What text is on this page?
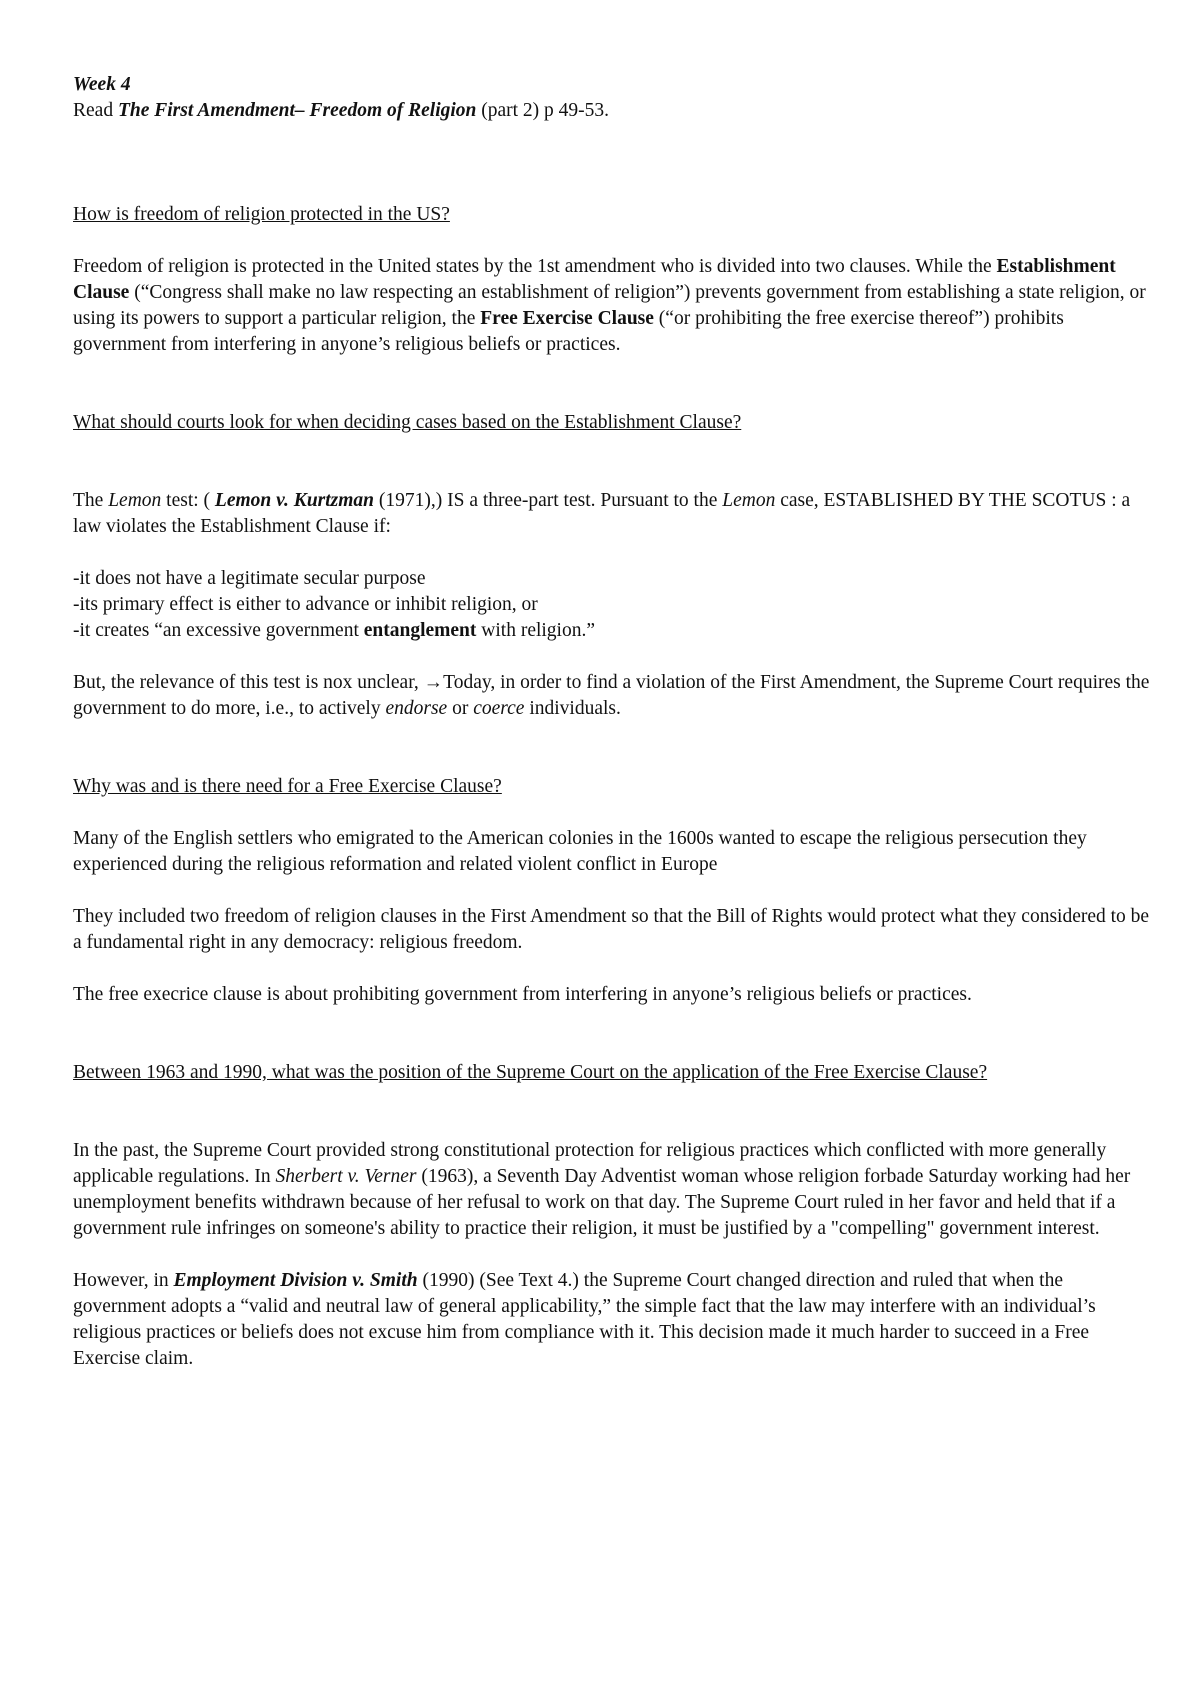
Week 4

Read The First Amendment– Freedom of Religion (part 2) p 49-53.

How is freedom of religion protected in the US?

Freedom of religion is protected in the United states by the 1st amendment who is divided into two clauses. While the Establishment Clause (“Congress shall make no law respecting an establishment of religion”) prevents government from establishing a state religion, or using its powers to support a particular religion, the Free Exercise Clause (“or prohibiting the free exercise thereof”) prohibits government from interfering in anyone’s religious beliefs or practices.

What should courts look for when deciding cases based on the Establishment Clause?

The Lemon test: ( Lemon v. Kurtzman (1971),) IS a three-part test. Pursuant to the Lemon case, ESTABLISHED BY THE SCOTUS : a law violates the Establishment Clause if:

-it does not have a legitimate secular purpose

-its primary effect is either to advance or inhibit religion, or

-it creates “an excessive government entanglement with religion.”

But, the relevance of this test is nox unclear, →Today, in order to find a violation of the First Amendment, the Supreme Court requires the government to do more, i.e., to actively endorse or coerce individuals.

Why was and is there need for a Free Exercise Clause?

Many of the English settlers who emigrated to the American colonies in the 1600s wanted to escape the religious persecution they experienced during the religious reformation and related violent conflict in Europe

They included two freedom of religion clauses in the First Amendment so that the Bill of Rights would protect what they considered to be a fundamental right in any democracy: religious freedom.

The free execrice clause is about prohibiting government from interfering in anyone’s religious beliefs or practices.

Between 1963 and 1990, what was the position of the Supreme Court on the application of the Free Exercise Clause?

In the past, the Supreme Court provided strong constitutional protection for religious practices which conflicted with more generally applicable regulations. In Sherbert v. Verner (1963), a Seventh Day Adventist woman whose religion forbade Saturday working had her unemployment benefits withdrawn because of her refusal to work on that day. The Supreme Court ruled in her favor and held that if a government rule infringes on someone's ability to practice their religion, it must be justified by a "compelling" government interest.

However, in Employment Division v. Smith (1990) (See Text 4.) the Supreme Court changed direction and ruled that when the government adopts a “valid and neutral law of general applicability,” the simple fact that the law may interfere with an individual’s religious practices or beliefs does not excuse him from compliance with it. This decision made it much harder to succeed in a Free Exercise claim.
